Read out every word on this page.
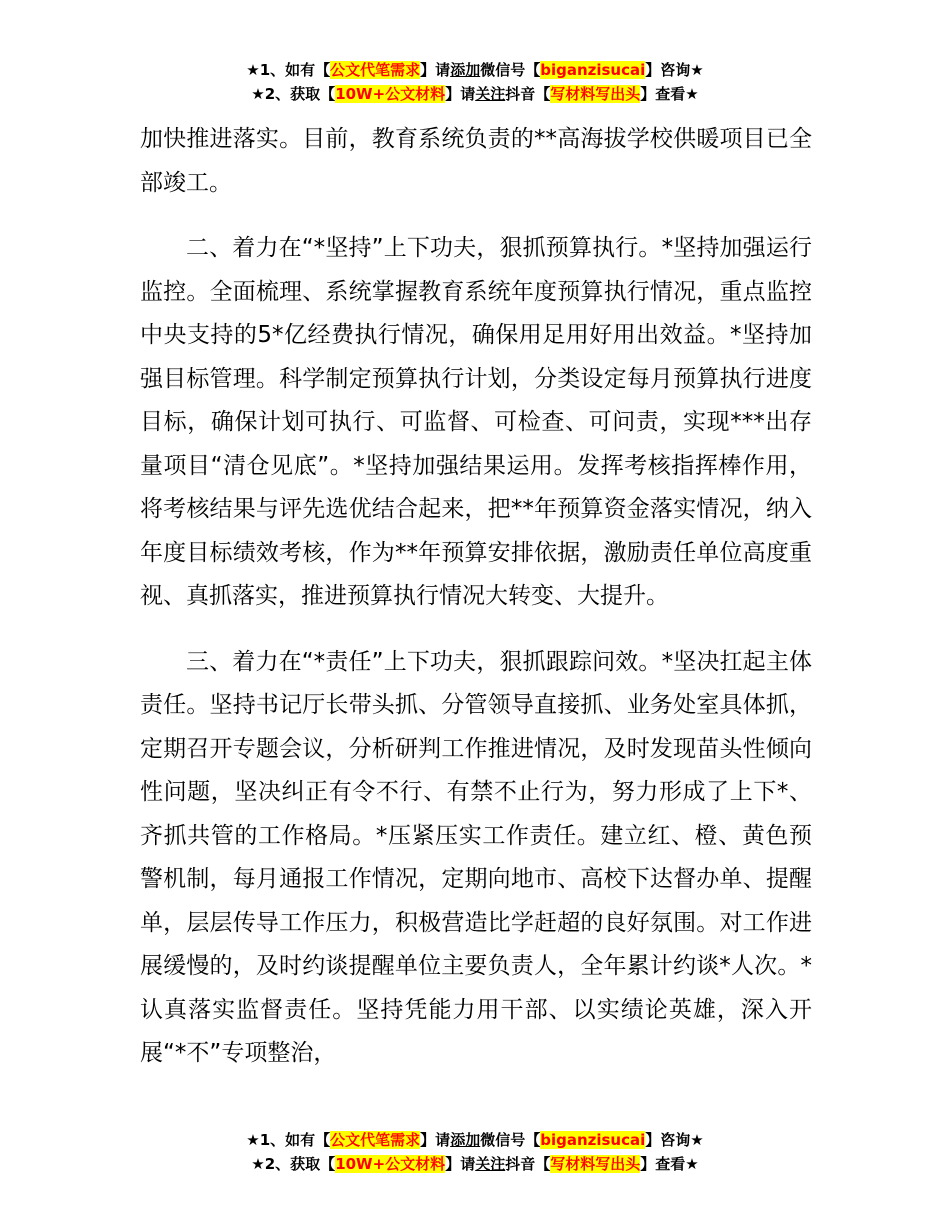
★1、如有【公文代笔需求】请添加微信号【biganzisucai】咨询★
★2、获取【10W+公文材料】请关注抖音【写材料写出头】查看★

加快推进落实。目前，教育系统负责的**高海拔学校供暖项目已全部竣工。

二、着力在“*坚持”上下功夫，狠抓预算执行。*坚持加强运行监控。全面梳理、系统掌握教育系统年度预算执行情况，重点监控中央支持的5*亿经费执行情况，确保用足用好用出效益。*坚持加强目标管理。科学制定预算执行计划，分类设定每月预算执行进度目标，确保计划可执行、可监督、可检查、可问责，实现***出存量项目“清仓见底”。*坚持加强结果运用。发挥考核指挥棒作用，将考核结果与评先选优结合起来，把**年预算资金落实情况，纳入年度目标绩效考核，作为**年预算安排依据，激励责任单位高度重视、真抓落实，推进预算执行情况大转变、大提升。

三、着力在“*责任”上下功夫，狠抓跟踪问效。*坚决扛起主体责任。坚持书记厅长带头抓、分管领导直接抓、业务处室具体抓，定期召开专题会议，分析研判工作推进情况，及时发现苗头性倾向性问题，坚决纠正有令不行、有禁不止行为，努力形成了上下*、齐抓共管的工作格局。*压紧压实工作责任。建立红、橙、黄色预警机制，每月通报工作情况，定期向地市、高校下达督办单、提醒单，层层传导工作压力，积极营造比学赶超的良好氛围。对工作进展缓慢的，及时约谈提醒单位主要负责人，全年累计约谈*人次。*认真落实监督责任。坚持凭能力用干部、以实绩论英雄，深入开展“*不”专项整治，

★1、如有【公文代笔需求】请添加微信号【biganzisucai】咨询★
★2、获取【10W+公文材料】请关注抖音【写材料写出头】查看★
